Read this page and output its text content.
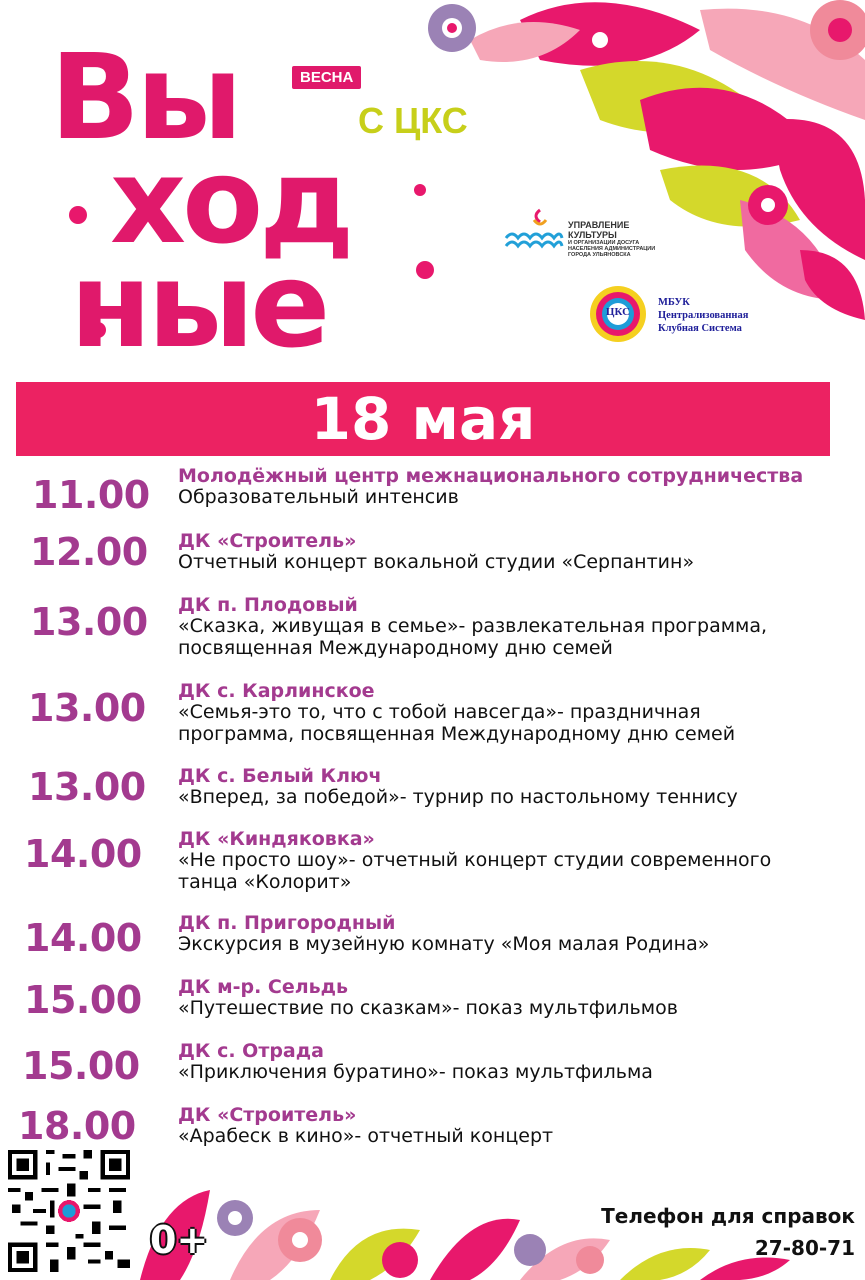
Вы
ход
ные
ВЕСНА
С ЦКС
УПРАВЛЕНИЕ
КУЛЬТУРЫ
И ОРГАНИЗАЦИИ ДОСУГА
НАСЕЛЕНИЯ АДМИНИСТРАЦИИ
ГОРОДА УЛЬЯНОВСКА
ЦКС
МБУК
Централизованная
Клубная Система
18 мая
11.00 Молодёжный центр межнационального сотрудничества
Образовательный интенсив
12.00 ДК «Строитель»
Отчетный концерт вокальной студии «Серпантин»
13.00 ДК п. Плодовый
«Сказка, живущая в семье»- развлекательная программа,
посвященная Международному дню семей
13.00 ДК с. Карлинское
«Семья-это то, что с тобой навсегда»- праздничная
программа, посвященная Международному дню семей
13.00 ДК с. Белый Ключ
«Вперед, за победой»- турнир по настольному теннису
14.00 ДК «Киндяковка»
«Не просто шоу»- отчетный концерт студии современного
танца «Колорит»
14.00 ДК п. Пригородный
Экскурсия в музейную комнату «Моя малая Родина»
15.00 ДК м-р. Сельдь
«Путешествие по сказкам»- показ мультфильмов
15.00 ДК с. Отрада
«Приключения буратино»- показ мультфильма
18.00 ДК «Строитель»
«Арабеск в кино»- отчетный концерт
0+
Телефон для справок
27-80-71
